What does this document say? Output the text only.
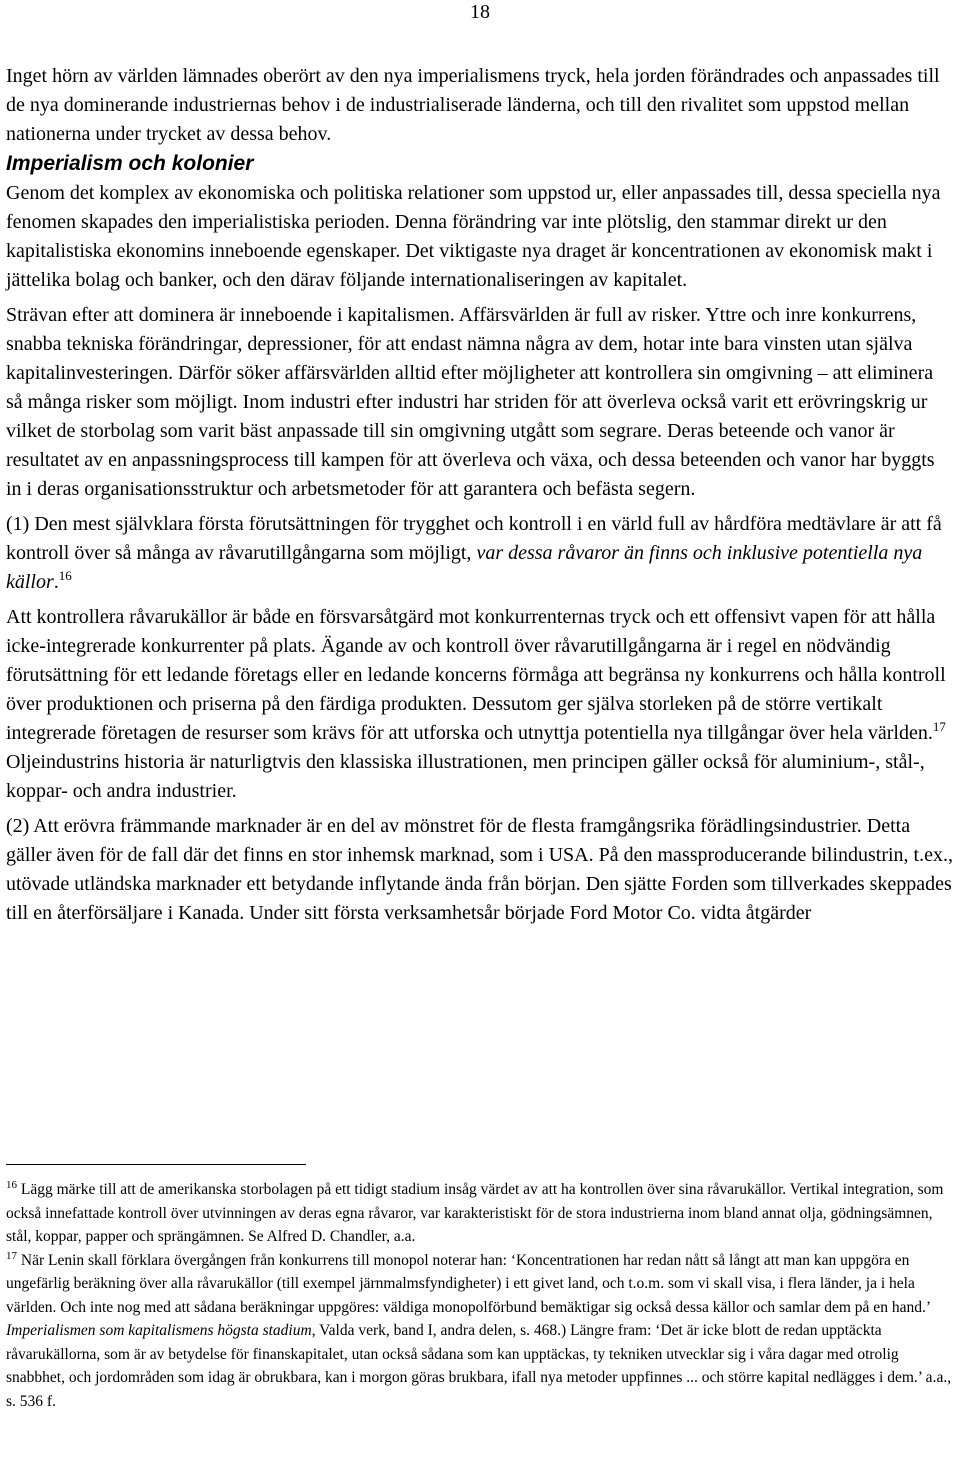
18

Inget hörn av världen lämnades oberört av den nya imperialismens tryck, hela jorden förändrades och anpassades till de nya dominerande industriernas behov i de industrialiserade länderna, och till den rivalitet som uppstod mellan nationerna under trycket av dessa behov.

Imperialism och kolonier

Genom det komplex av ekonomiska och politiska relationer som uppstod ur, eller anpassades till, dessa speciella nya fenomen skapades den imperialistiska perioden. Denna förändring var inte plötslig, den stammar direkt ur den kapitalistiska ekonomins inneboende egenskaper. Det viktigaste nya draget är koncentrationen av ekonomisk makt i jättelika bolag och banker, och den därav följande internationaliseringen av kapitalet.

Strävan efter att dominera är inneboende i kapitalismen. Affärsvärlden är full av risker. Yttre och inre konkurrens, snabba tekniska förändringar, depressioner, för att endast nämna några av dem, hotar inte bara vinsten utan själva kapitalinvesteringen. Därför söker affärsvärlden alltid efter möjligheter att kontrollera sin omgivning – att eliminera så många risker som möjligt. Inom industri efter industri har striden för att överleva också varit ett erövringskrig ur vilket de storbolag som varit bäst anpassade till sin omgivning utgått som segrare. Deras beteende och vanor är resultatet av en anpassningsprocess till kampen för att överleva och växa, och dessa beteenden och vanor har byggts in i deras organisationsstruktur och arbetsmetoder för att garantera och befästa segern.

(1) Den mest självklara första förutsättningen för trygghet och kontroll i en värld full av hårdföra medtävlare är att få kontroll över så många av råvarutillgångarna som möjligt, var dessa råvaror än finns och inklusive potentiella nya källor.$^{16}$

Att kontrollera råvarukällor är både en försvarsåtgärd mot konkurrenternas tryck och ett offensivt vapen för att hålla icke-integrerade konkurrenter på plats. Ägande av och kontroll över råvarutillgångarna är i regel en nödvändig förutsättning för ett ledande företags eller en ledande koncerns förmåga att begränsa ny konkurrens och hålla kontroll över produktionen och priserna på den färdiga produkten. Dessutom ger själva storleken på de större vertikalt integrerade företagen de resurser som krävs för att utforska och utnyttja potentiella nya tillgångar över hela världen.$^{17}$ Oljeindustrins historia är naturligtvis den klassiska illustrationen, men principen gäller också för aluminium-, stål-, koppar- och andra industrier.

(2) Att erövra främmande marknader är en del av mönstret för de flesta framgångsrika förädlingsindustrier. Detta gäller även för de fall där det finns en stor inhemsk marknad, som i USA. På den massproducerande bilindustrin, t.ex., utövade utländska marknader ett betydande inflytande ända från början. Den sjätte Forden som tillverkades skeppades till en återförsäljare i Kanada. Under sitt första verksamhetsår började Ford Motor Co. vidta åtgärder

$^{16}$ Lägg märke till att de amerikanska storbolagen på ett tidigt stadium insåg värdet av att ha kontrollen över sina råvarukällor. Vertikal integration, som också innefattade kontroll över utvinningen av deras egna råvaror, var karakteristiskt för de stora industrierna inom bland annat olja, gödningsämnen, stål, koppar, papper och sprängämnen. Se Alfred D. Chandler, a.a.

$^{17}$ När Lenin skall förklara övergången från konkurrens till monopol noterar han: ‘Koncentrationen har redan nått så långt att man kan uppgöra en ungefärlig beräkning över alla råvarukällor (till exempel järnmalmsfyndigheter) i ett givet land, och t.o.m. som vi skall visa, i flera länder, ja i hela världen. Och inte nog med att sådana beräkningar uppgöres: väldiga monopolförbund bemäktigar sig också dessa källor och samlar dem på en hand.’ Imperialismen som kapitalismens högsta stadium, Valda verk, band I, andra delen, s. 468.) Längre fram: ‘Det är icke blott de redan upptäckta råvarukällorna, som är av betydelse för finanskapitalet, utan också sådana som kan upptäckas, ty tekniken utvecklar sig i våra dagar med otrolig snabbhet, och jordområden som idag är obrukbara, kan i morgon göras brukbara, ifall nya metoder uppfinnes ... och större kapital nedlägges i dem.’ a.a., s. 536 f.
